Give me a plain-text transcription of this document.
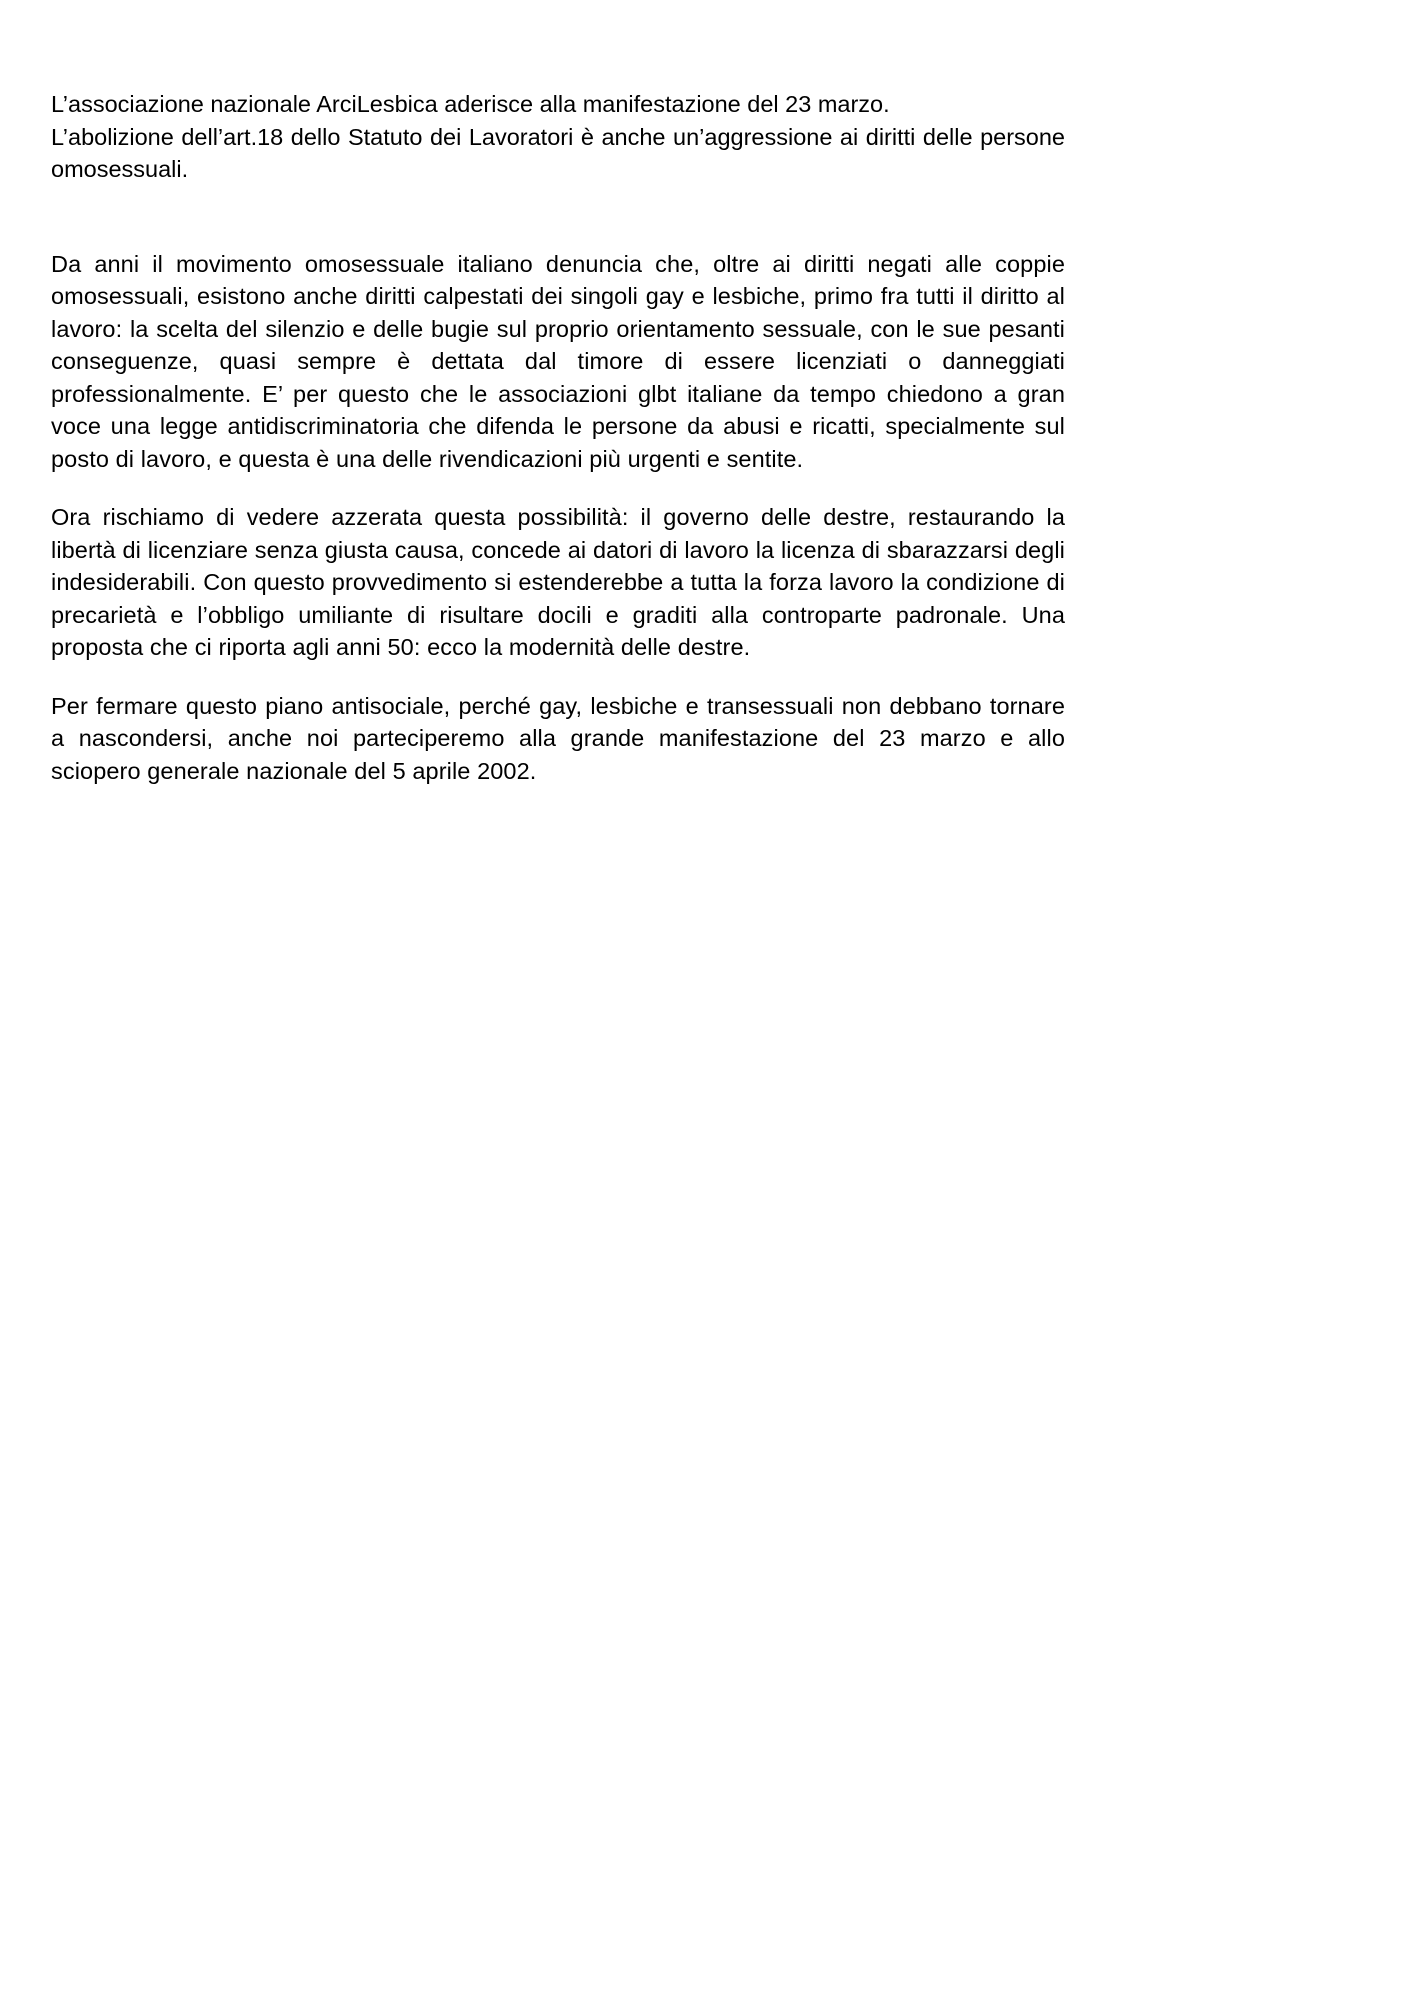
L’associazione nazionale ArciLesbica aderisce alla manifestazione del 23 marzo.

L’abolizione dell’art.18 dello Statuto dei Lavoratori è anche un’aggressione ai diritti delle persone omosessuali.

Da anni il movimento omosessuale italiano denuncia che, oltre ai diritti negati alle coppie omosessuali, esistono anche diritti calpestati dei singoli gay e lesbiche, primo fra tutti il diritto al lavoro: la scelta del silenzio e delle bugie sul proprio orientamento sessuale, con le sue pesanti conseguenze, quasi sempre è dettata dal timore di essere licenziati o danneggiati professionalmente. E’ per questo che le associazioni glbt italiane da tempo chiedono a gran voce una legge antidiscriminatoria che difenda le persone da abusi e ricatti, specialmente sul posto di lavoro, e questa è una delle rivendicazioni più urgenti e sentite.

Ora rischiamo di vedere azzerata questa possibilità: il governo delle destre, restaurando la libertà di licenziare senza giusta causa, concede ai datori di lavoro la licenza di sbarazzarsi degli indesiderabili. Con questo provvedimento si estenderebbe a tutta la forza lavoro la condizione di precarietà e l’obbligo umiliante di risultare docili e graditi alla controparte padronale. Una proposta che ci riporta agli anni 50: ecco la modernità delle destre.

Per fermare questo piano antisociale, perché gay, lesbiche e transessuali non debbano tornare a nascondersi, anche noi parteciperemo alla grande manifestazione del 23 marzo e allo sciopero generale nazionale del 5 aprile 2002.
